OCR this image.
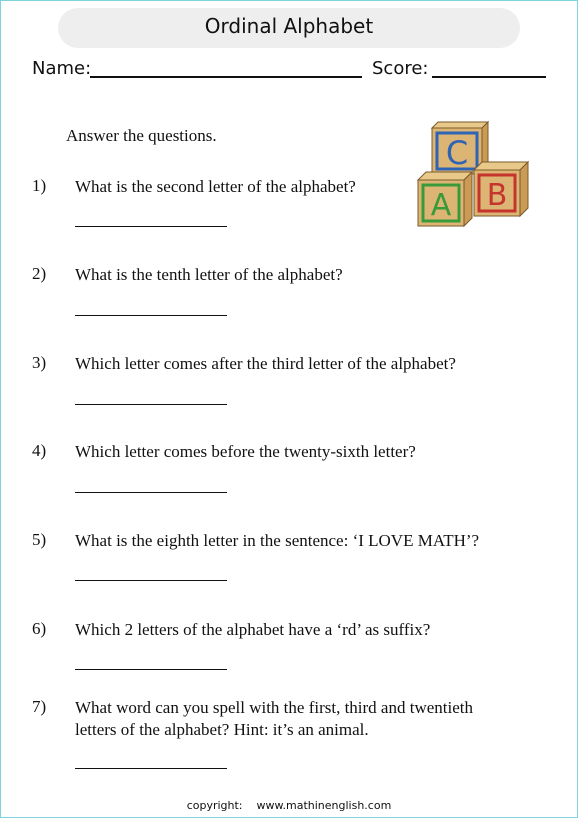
Ordinal Alphabet
Name:	Score:
Answer the questions.	C
B
A
1) What is the second letter of the alphabet?
2) What is the tenth letter of the alphabet?
3) Which letter comes after the third letter of the alphabet?
4) Which letter comes before the twenty-sixth letter?
5) What is the eighth letter in the sentence: ‘I LOVE MATH’?
6) Which 2 letters of the alphabet have a ‘rd’ as suffix?
7) What word can you spell with the first, third and twentieth letters of the alphabet? Hint: it’s an animal.
copyright: www.mathinenglish.com
